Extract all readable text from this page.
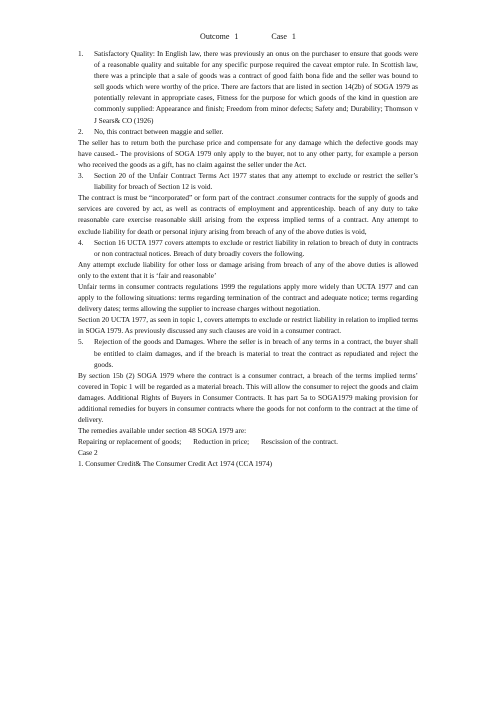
Outcome 1	Case 1
1. Satisfactory Quality: In English law, there was previously an onus on the purchaser to ensure that goods were of a reasonable quality and suitable for any specific purpose required the caveat emptor rule. In Scottish law, there was a principle that a sale of goods was a contract of good faith bona fide and the seller was bound to sell goods which were worthy of the price. There are factors that are listed in section 14(2b) of SOGA 1979 as potentially relevant in appropriate cases, Fitness for the purpose for which goods of the kind in question are commonly supplied: Appearance and finish; Freedom from minor defects; Safety and; Durability; Thomson v J Sears& CO (1926)
2. No, this contract between maggie and seller.

The seller has to return both the purchase price and compensate for any damage which the defective goods may have caused.- The provisions of SOGA 1979 only apply to the buyer, not to any other party, for example a person who received the goods as a gift, has no claim against the seller under the Act.

3. Section 20 of the Unfair Contract Terms Act 1977 states that any attempt to exclude or restrict the seller’s liability for breach of Section 12 is void.

The contract is must be “incorporated” or form part of the contract .consumer contracts for the supply of goods and services are covered by act, as well as contracts of employment and apprenticeship. beach of any duty to take reasonable care exercise reasonable skill arising from the express implied terms of a contract. Any attempt to exclude liability for death or personal injury arising from breach of any of the above duties is void,

4. Section 16 UCTA 1977 covers attempts to exclude or restrict liability in relation to breach of duty in contracts or non contractual notices. Breach of duty broadly covers the following.

Any attempt exclude liability for other loss or damage arising from breach of any of the above duties is allowed only to the extent that it is ‘fair and reasonable’

Unfair terms in consumer contracts regulations 1999 the regulations apply more widely than UCTA 1977 and can apply to the following situations: terms regarding termination of the contract and adequate notice; terms regarding delivery dates; terms allowing the supplier to increase charges without negotiation.

Section 20 UCTA 1977, as seen in topic 1, covers attempts to exclude or restrict liability in relation to implied terms in SOGA 1979. As previously discussed any such clauses are void in a consumer contract.

5. Rejection of the goods and Damages. Where the seller is in breach of any terms in a contract, the buyer shall be entitled to claim damages, and if the breach is material to treat the contract as repudiated and reject the goods.

By section 15b (2) SOGA 1979 where the contract is a consumer contract, a breach of the terms implied terms’ covered in Topic 1 will be regarded as a material breach. This will allow the consumer to reject the goods and claim damages. Additional Rights of Buyers in Consumer Contracts. It has part 5a to SOGA1979 making provision for additional remedies for buyers in consumer contracts where the goods for not conform to the contract at the time of delivery.

The remedies available under section 48 SOGA 1979 are:

Repairing or replacement of goods; Reduction in price; Rescission of the contract.

Case 2

1. Consumer Credit& The Consumer Credit Act 1974 (CCA 1974)
